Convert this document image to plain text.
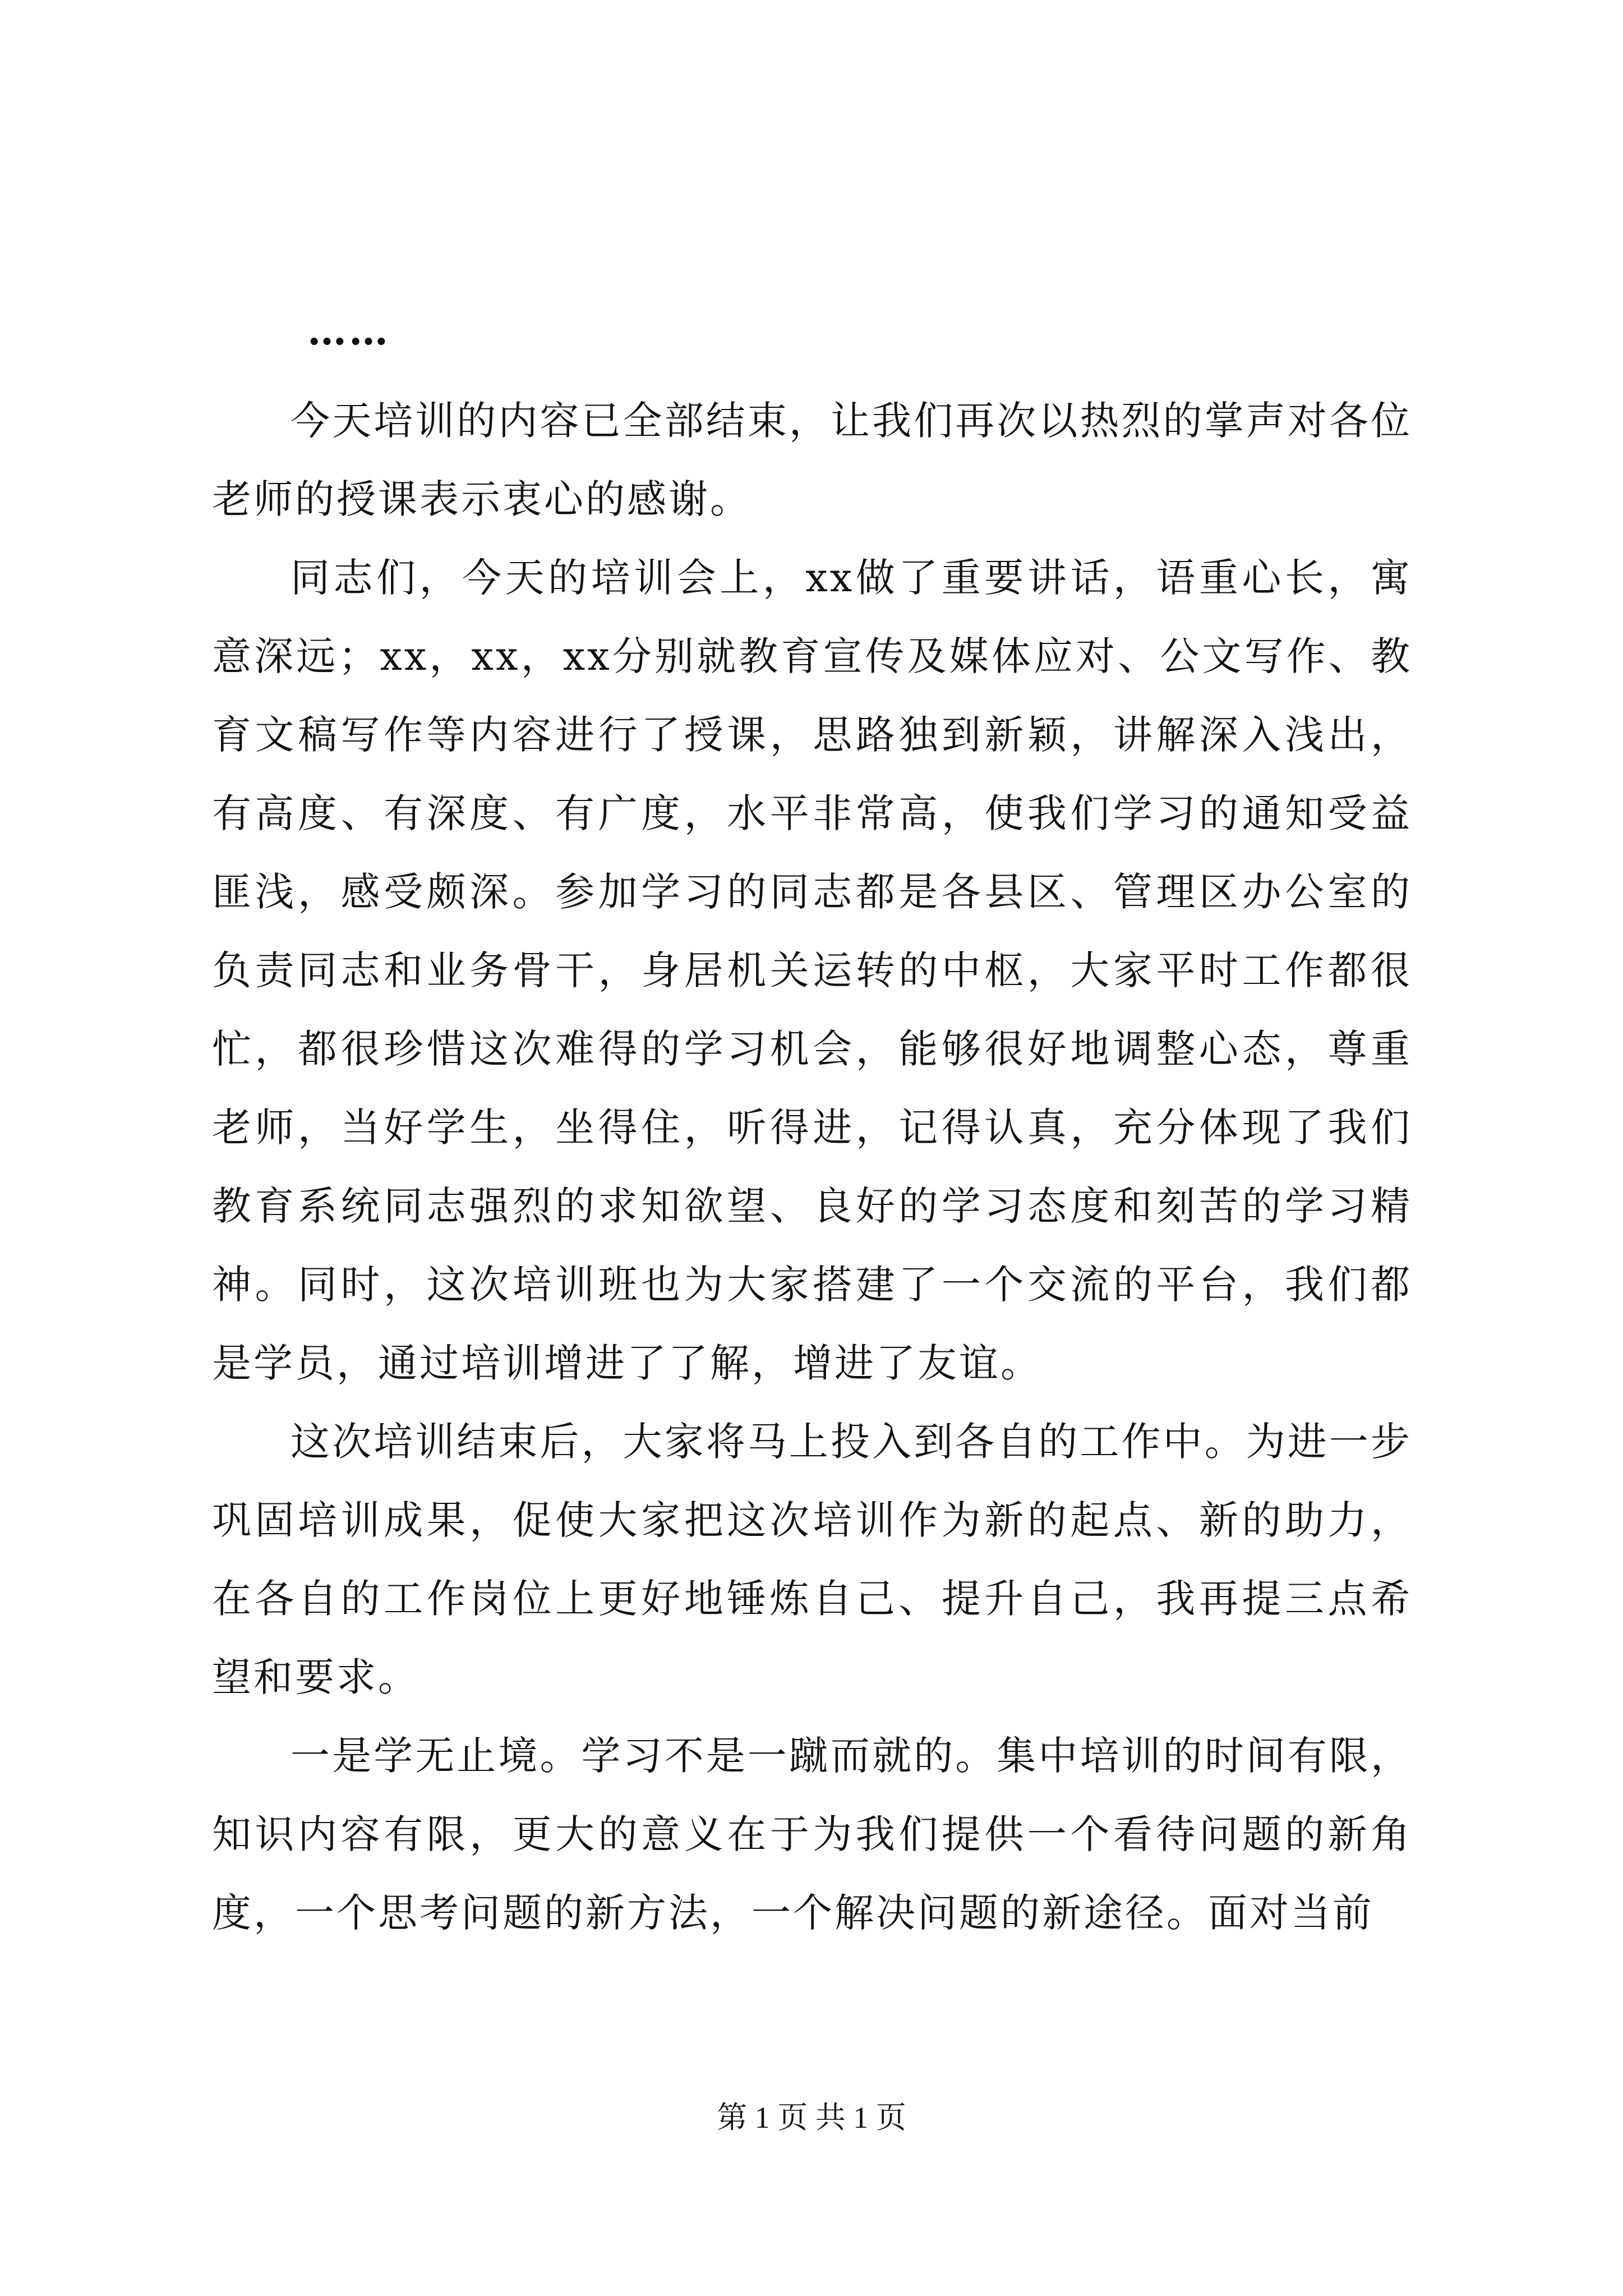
……

今天培训的内容已全部结束，让我们再次以热烈的掌声对各位老师的授课表示衷心的感谢。

同志们，今天的培训会上，xx做了重要讲话，语重心长，寓意深远；xx，xx，xx分别就教育宣传及媒体应对、公文写作、教育文稿写作等内容进行了授课，思路独到新颖，讲解深入浅出，有高度、有深度、有广度，水平非常高，使我们学习的通知受益匪浅，感受颇深。参加学习的同志都是各县区、管理区办公室的负责同志和业务骨干，身居机关运转的中枢，大家平时工作都很忙，都很珍惜这次难得的学习机会，能够很好地调整心态，尊重老师，当好学生，坐得住，听得进，记得认真，充分体现了我们教育系统同志强烈的求知欲望、良好的学习态度和刻苦的学习精神。同时，这次培训班也为大家搭建了一个交流的平台，我们都是学员，通过培训增进了了解，增进了友谊。

这次培训结束后，大家将马上投入到各自的工作中。为进一步巩固培训成果，促使大家把这次培训作为新的起点、新的助力，在各自的工作岗位上更好地锤炼自己、提升自己，我再提三点希望和要求。

一是学无止境。学习不是一蹴而就的。集中培训的时间有限，知识内容有限，更大的意义在于为我们提供一个看待问题的新角度，一个思考问题的新方法，一个解决问题的新途径。面对当前

第 1 页 共 1 页
